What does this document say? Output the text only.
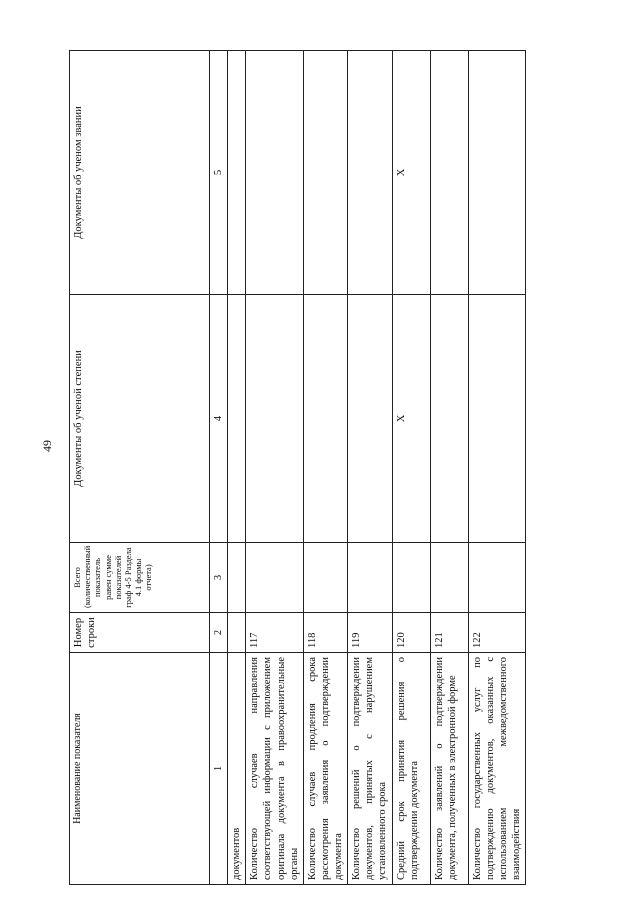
49
Наименование показателя	Номер строки	Всего (количественный показатель равен сумме показателей граф 4-5 Раздела 4.1 формы отчета)	Документы об ученой степени	Документы об ученом звании
1	2	3	4	5
документов				
Количество случаев направления соответствующей информации с приложением оригинала документа в правоохранительные органы	117			
Количество случаев продления срока рассмотрения заявления о подтверждении документа	118			
Количество решений о подтверждении документов, принятых с нарушением установленного срока	119			
Средний срок принятия решения о подтверждении документа	120		X	X
Количество заявлений о подтверждении документа, полученных в электронной форме	121			
Количество государственных услуг по подтверждению документов, оказанных с использованием межведомственного взаимодействия	122			
